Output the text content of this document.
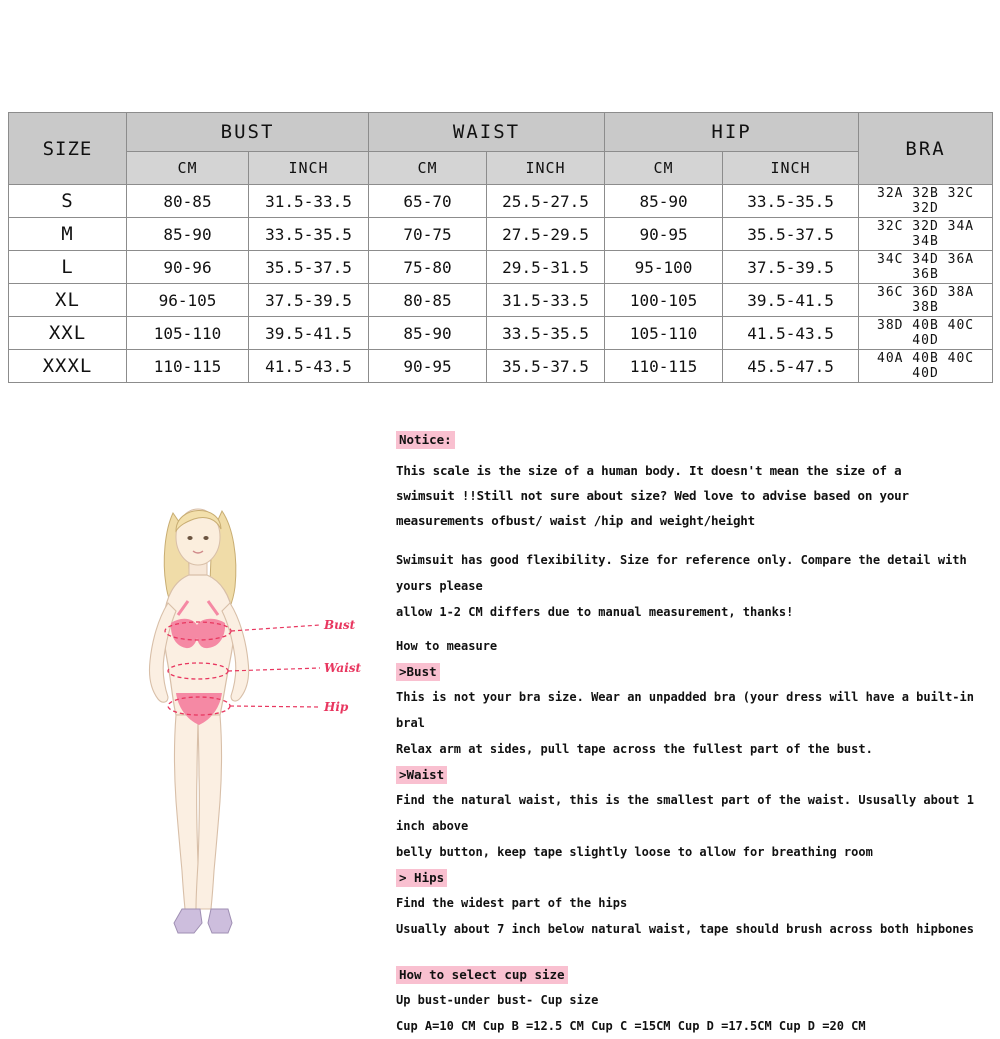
SIZE	BUST		WAIST		HIP		BRA
	CM	INCH	CM	INCH	CM	INCH	
S	80-85	31.5-33.5	65-70	25.5-27.5	85-90	33.5-35.5	32A 32B 32C 32D
M	85-90	33.5-35.5	70-75	27.5-29.5	90-95	35.5-37.5	32C 32D 34A 34B
L	90-96	35.5-37.5	75-80	29.5-31.5	95-100	37.5-39.5	34C 34D 36A 36B
XL	96-105	37.5-39.5	80-85	31.5-33.5	100-105	39.5-41.5	36C 36D 38A 38B
XXL	105-110	39.5-41.5	85-90	33.5-35.5	105-110	41.5-43.5	38D 40B 40C 40D
XXXL	110-115	41.5-43.5	90-95	35.5-37.5	110-115	45.5-47.5	40A 40B 40C 40D
Bust
Waist
Hip
Notice:
This scale is the size of a human body. It doesn't mean the size of a
swimsuit !!Still not sure about size? Wed love to advise based on your
measurements ofbust/ waist /hip and weight/height
Swimsuit has good flexibility. Size for reference only. Compare the detail with yours please
allow 1-2 CM differs due to manual measurement, thanks!
How to measure
>Bust
This is not your bra size. Wear an unpadded bra (your dress will have a built-in bral
Relax arm at sides, pull tape across the fullest part of the bust.
>Waist
Find the natural waist, this is the smallest part of the waist. Ususally about 1 inch above
belly button, keep tape slightly loose to allow for breathing room
> Hips
Find the widest part of the hips
Usually about 7 inch below natural waist, tape should brush across both hipbones
How to select cup size
Up bust-under bust- Cup size
Cup A=10 CM Cup B =12.5 CM Cup C =15CM Cup D =17.5CM Cup D =20 CM
